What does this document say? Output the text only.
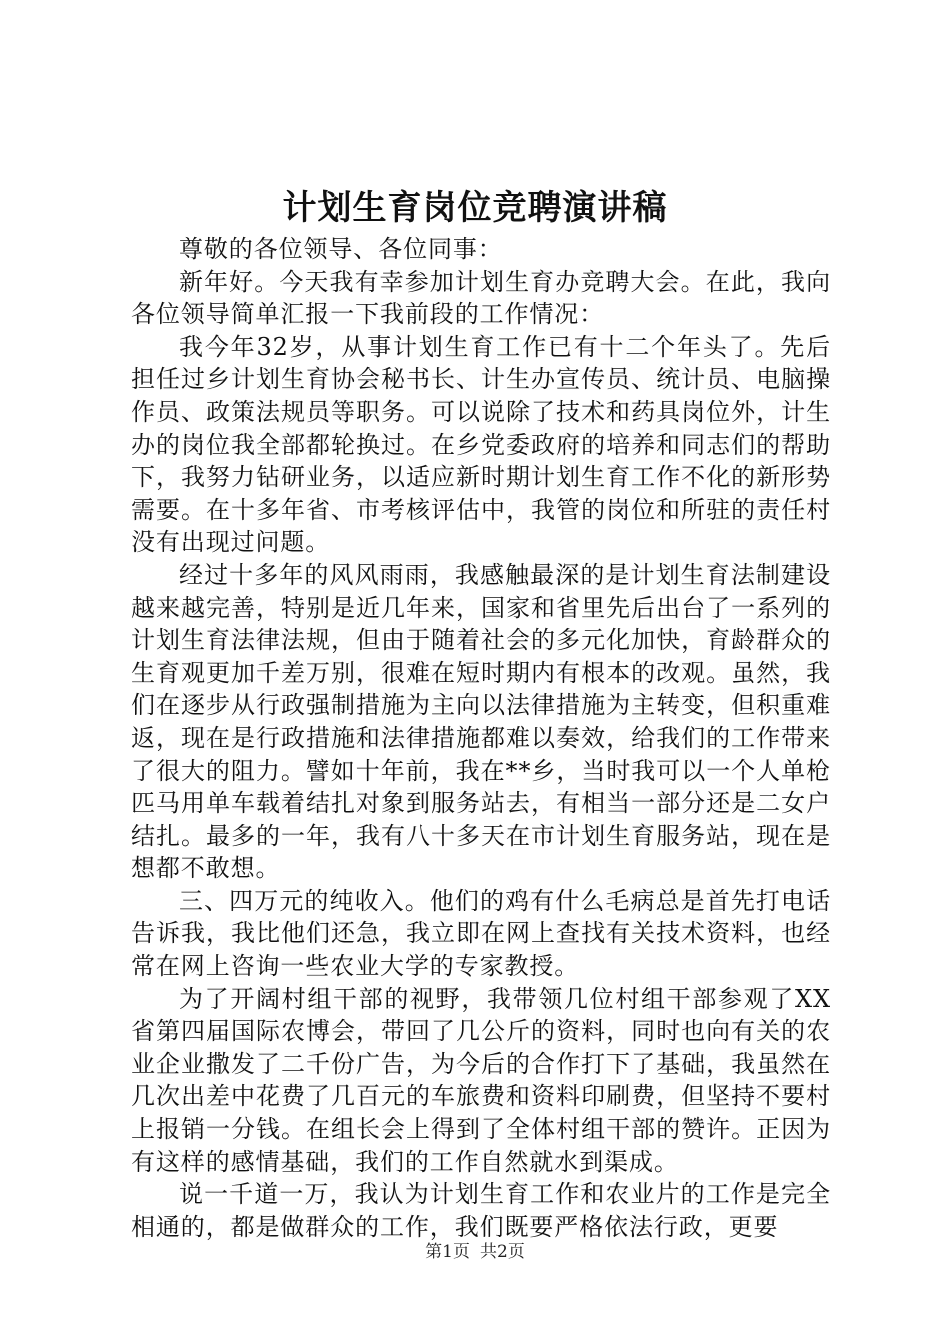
计划生育岗位竞聘演讲稿

尊敬的各位领导、各位同事：

新年好。今天我有幸参加计划生育办竞聘大会。在此，我向各位领导简单汇报一下我前段的工作情况：

我今年32岁，从事计划生育工作已有十二个年头了。先后担任过乡计划生育协会秘书长、计生办宣传员、统计员、电脑操作员、政策法规员等职务。可以说除了技术和药具岗位外，计生办的岗位我全部都轮换过。在乡党委政府的培养和同志们的帮助下，我努力钻研业务，以适应新时期计划生育工作不化的新形势需要。在十多年省、市考核评估中，我管的岗位和所驻的责任村没有出现过问题。

经过十多年的风风雨雨，我感触最深的是计划生育法制建设越来越完善，特别是近几年来，国家和省里先后出台了一系列的计划生育法律法规，但由于随着社会的多元化加快，育龄群众的生育观更加千差万别，很难在短时期内有根本的改观。虽然，我们在逐步从行政强制措施为主向以法律措施为主转变，但积重难返，现在是行政措施和法律措施都难以奏效，给我们的工作带来了很大的阻力。譬如十年前，我在**乡，当时我可以一个人单枪匹马用单车载着结扎对象到服务站去，有相当一部分还是二女户结扎。最多的一年，我有八十多天在市计划生育服务站，现在是想都不敢想。

三、四万元的纯收入。他们的鸡有什么毛病总是首先打电话告诉我，我比他们还急，我立即在网上查找有关技术资料，也经常在网上咨询一些农业大学的专家教授。

为了开阔村组干部的视野，我带领几位村组干部参观了XX省第四届国际农博会，带回了几公斤的资料，同时也向有关的农业企业撒发了二千份广告，为今后的合作打下了基础，我虽然在几次出差中花费了几百元的车旅费和资料印刷费，但坚持不要村上报销一分钱。在组长会上得到了全体村组干部的赞许。正因为有这样的感情基础，我们的工作自然就水到渠成。

说一千道一万，我认为计划生育工作和农业片的工作是完全相通的，都是做群众的工作，我们既要严格依法行政，更要

第1页 共2页
